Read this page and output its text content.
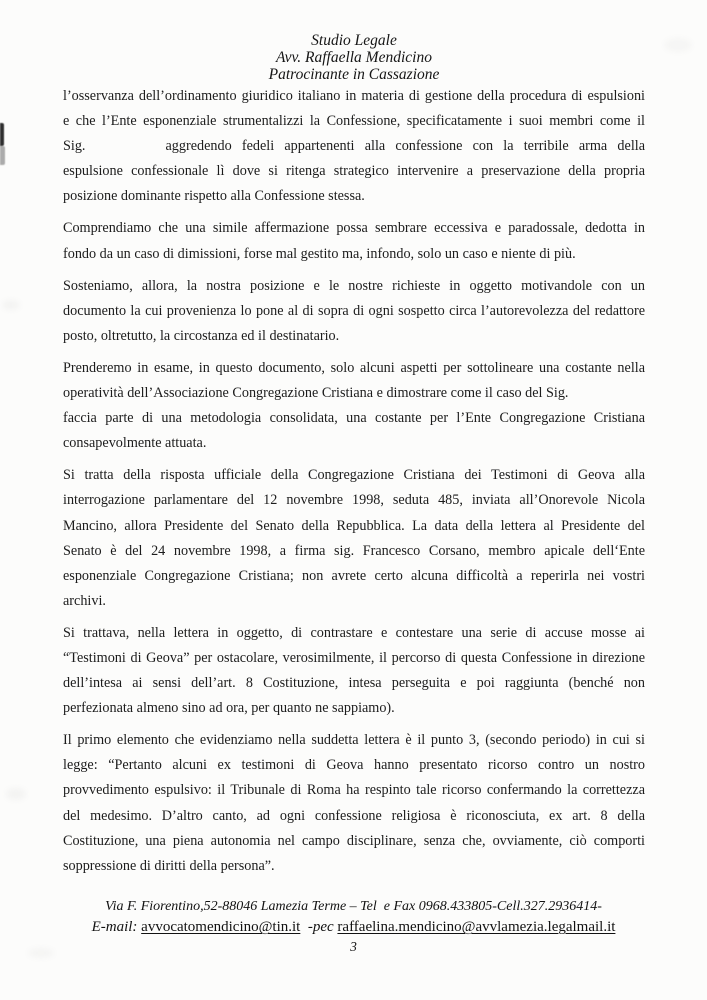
Studio Legale
Avv. Raffaella Mendicino
Patrocinante in Cassazione
l’osservanza dell’ordinamento giuridico italiano in materia di gestione della procedura di espulsioni
e che l’Ente esponenziale strumentalizzi la Confessione, specificatamente i suoi membri come il
Sig.	aggredendo fedeli appartenenti alla confessione con la terribile arma della
espulsione confessionale lì dove si ritenga strategico intervenire a preservazione della propria
posizione dominante rispetto alla Confessione stessa.
Comprendiamo che una simile affermazione possa sembrare eccessiva e paradossale, dedotta in
fondo da un caso di dimissioni, forse mal gestito ma, infondo, solo un caso e niente di più.
Sosteniamo, allora, la nostra posizione e le nostre richieste in oggetto motivandole con un
documento la cui provenienza lo pone al di sopra di ogni sospetto circa l’autorevolezza del redattore
posto, oltretutto, la circostanza ed il destinatario.
Prenderemo in esame, in questo documento, solo alcuni aspetti per sottolineare una costante nella
operatività dell’Associazione Congregazione Cristiana e dimostrare come il caso del Sig.
faccia parte di una metodologia consolidata, una costante per l’Ente Congregazione Cristiana
consapevolmente attuata.
Si tratta della risposta ufficiale della Congregazione Cristiana dei Testimoni di Geova alla
interrogazione parlamentare del 12 novembre 1998, seduta 485, inviata all’Onorevole Nicola
Mancino, allora Presidente del Senato della Repubblica. La data della lettera al Presidente del
Senato è del 24 novembre 1998, a firma sig. Francesco Corsano, membro apicale dell‘Ente
esponenziale Congregazione Cristiana; non avrete certo alcuna difficoltà a reperirla nei vostri
archivi.
Si trattava, nella lettera in oggetto, di contrastare e contestare una serie di accuse mosse ai
“Testimoni di Geova” per ostacolare, verosimilmente, il percorso di questa Confessione in direzione
dell’intesa ai sensi dell’art. 8 Costituzione, intesa perseguita e poi raggiunta (benché non
perfezionata almeno sino ad ora, per quanto ne sappiamo).
Il primo elemento che evidenziamo nella suddetta lettera è il punto 3, (secondo periodo) in cui si
legge: “Pertanto alcuni ex testimoni di Geova hanno presentato ricorso contro un nostro
provvedimento espulsivo: il Tribunale di Roma ha respinto tale ricorso confermando la correttezza
del medesimo. D’altro canto, ad ogni confessione religiosa è riconosciuta, ex art. 8 della
Costituzione, una piena autonomia nel campo disciplinare, senza che, ovviamente, ciò comporti
soppressione di diritti della persona”.
Via F. Fiorentino,52-88046 Lamezia Terme – Tel  e Fax 0968.433805-Cell.327.2936414-
E-mail: avvocatomendicino@tin.it  -pec raffaelina.mendicino@avvlamezia.legalmail.it
3
